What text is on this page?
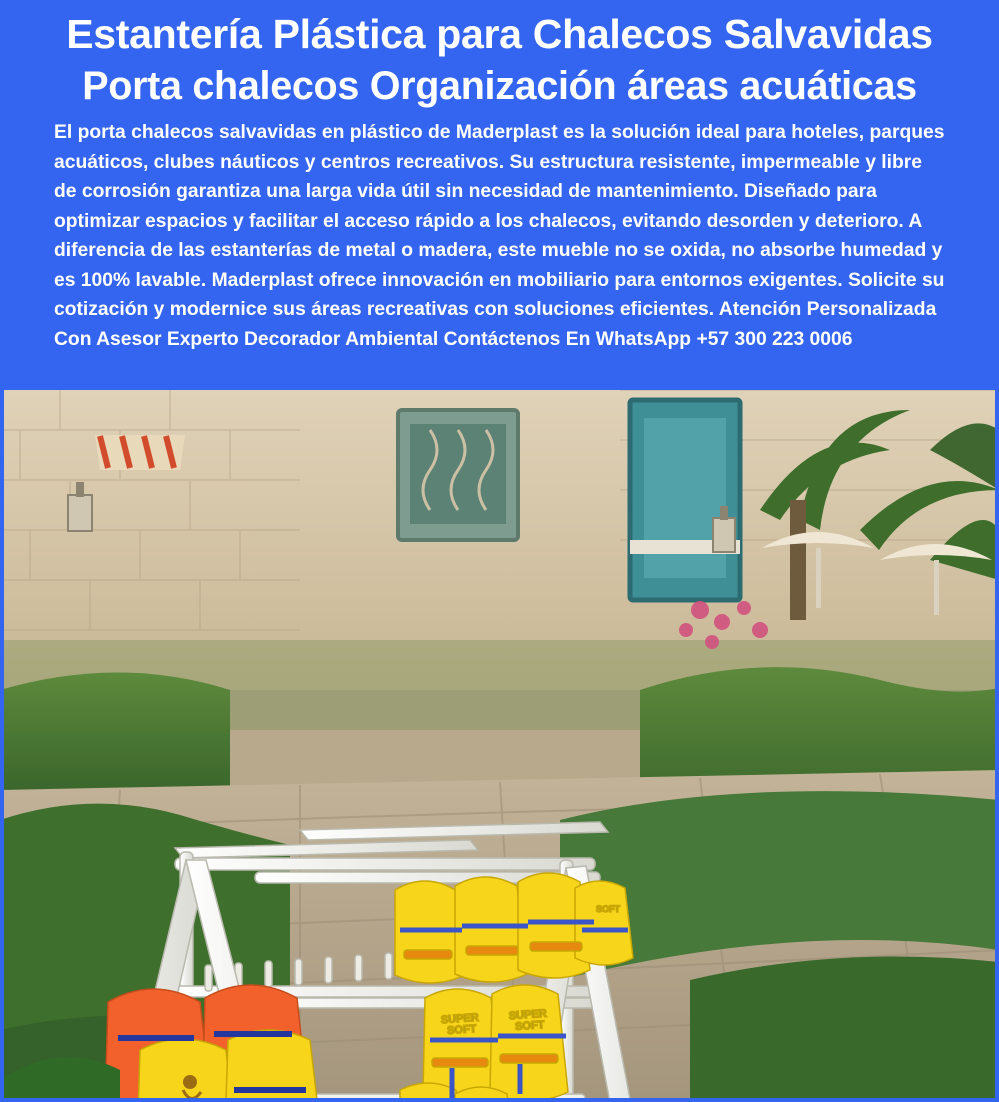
Estantería Plástica para Chalecos Salvavidas
Porta chalecos Organización áreas acuáticas
El porta chalecos salvavidas en plástico de Maderplast es la solución ideal para hoteles, parques acuáticos, clubes náuticos y centros recreativos. Su estructura resistente, impermeable y libre de corrosión garantiza una larga vida útil sin necesidad de mantenimiento. Diseñado para optimizar espacios y facilitar el acceso rápido a los chalecos, evitando desorden y deterioro. A diferencia de las estanterías de metal o madera, este mueble no se oxida, no absorbe humedad y es 100% lavable. Maderplast ofrece innovación en mobiliario para entornos exigentes. Solicite su cotización y modernice sus áreas recreativas con soluciones eficientes. Atención Personalizada Con Asesor Experto Decorador Ambiental Contáctenos En WhatsApp +57 300 223 0006
SUPER
SOFT
SUPER
SOFT
SOFT
